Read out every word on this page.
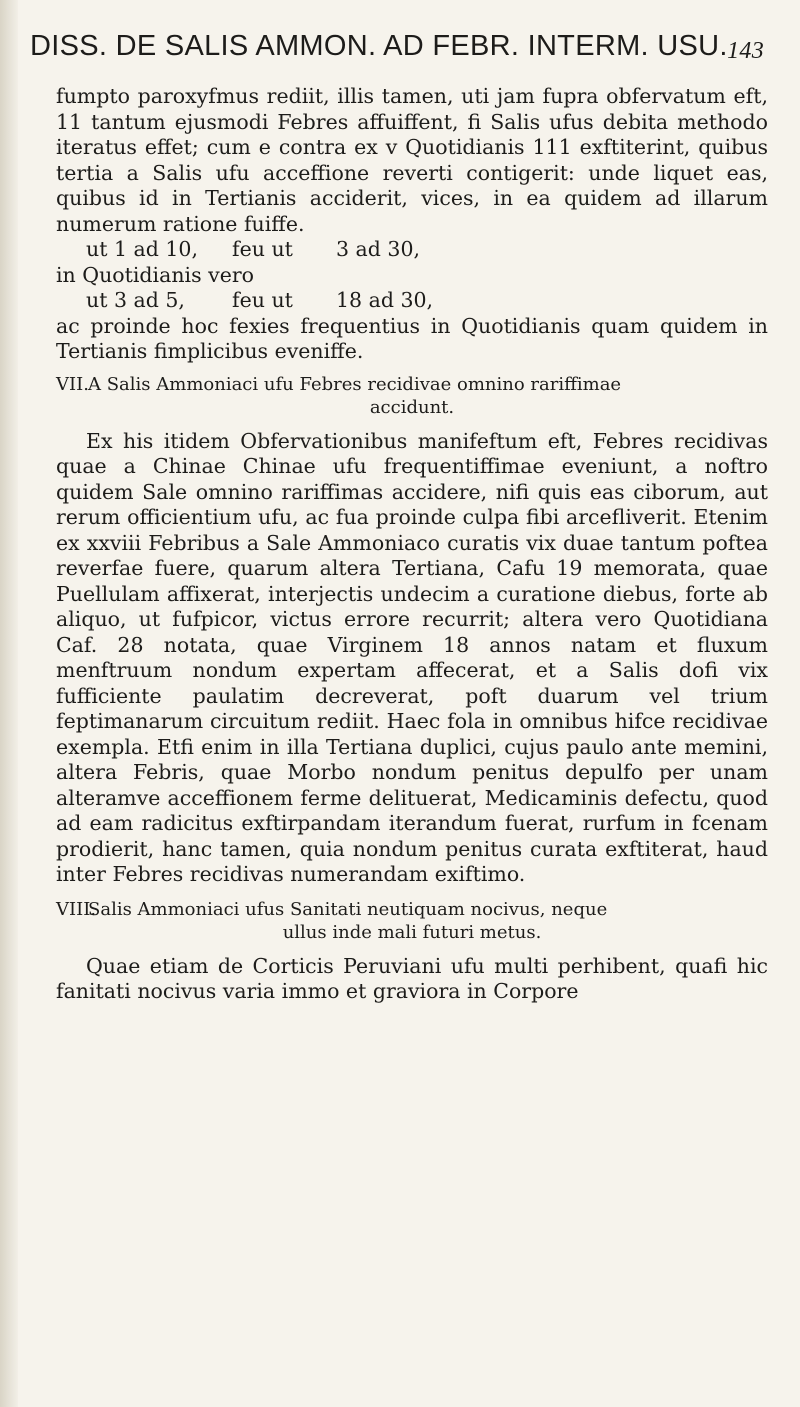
DISS. DE SALIS AMMON. AD FEBR. INTERM. USU. 143

fumpto paroxyfmus rediit, illis tamen, uti jam fupra obfervatum eft, 11 tantum ejusmodi Febres affuiffent, fi Salis ufus debita methodo iteratus effet; cum e contra ex v Quotidianis 111 exftiterint, quibus tertia a Salis ufu acceffione reverti contigerit: unde liquet eas, quibus id in Tertianis acciderit, vices, in ea quidem ad illarum numerum ratione fuiffe.

ut 1 ad 10,	feu ut	3 ad 30,

in Quotidianis vero

ut 3 ad 5,	feu ut	18 ad 30,

ac proinde hoc fexies frequentius in Quotidianis quam quidem in Tertianis fimplicibus eveniffe.

VII.A Salis Ammoniaci ufu Febres recidivae omnino rariffimae

accidunt.

Ex his itidem Obfervationibus manifeftum eft, Febres recidivas quae a Chinae Chinae ufu frequentiffimae eveniunt, a noftro quidem Sale omnino rariffimas accidere, nifi quis eas ciborum, aut rerum officientium ufu, ac fua proinde culpa fibi arcefliverit. Etenim ex xxviii Febribus a Sale Ammoniaco curatis vix duae tantum poftea reverfae fuere, quarum altera Tertiana, Cafu 19 memorata, quae Puellulam affixerat, interjectis undecim a curatione diebus, forte ab aliquo, ut fufpicor, victus errore recurrit; altera vero Quotidiana Caf. 28 notata, quae Virginem 18 annos natam et fluxum menftruum nondum expertam affecerat, et a Salis dofi vix fufficiente paulatim decreverat, poft duarum vel trium feptimanarum circuitum rediit. Haec fola in omnibus hifce recidivae exempla. Etfi enim in illa Tertiana duplici, cujus paulo ante memini, altera Febris, quae Morbo nondum penitus depulfo per unam alteramve acceffionem ferme delituerat, Medicaminis defectu, quod ad eam radicitus exftirpandam iterandum fuerat, rurfum in fcenam prodierit, hanc tamen, quia nondum penitus curata exftiterat, haud inter Febres recidivas numerandam exiftimo.

VIII.Salis Ammoniaci ufus Sanitati neutiquam nocivus, neque

ullus inde mali futuri metus.

Quae etiam de Corticis Peruviani ufu multi perhibent, quafi hic fanitati nocivus varia immo et graviora in Corpore
